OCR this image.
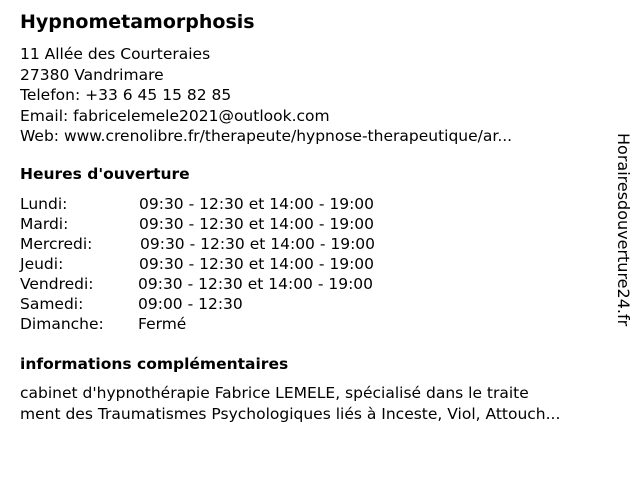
Hypnometamorphosis
11 Allée des Courteraies
27380 Vandrimare
Telefon: +33 6 45 15 82 85
Email: fabricelemele2021@outlook.com
Web: www.crenolibre.fr/therapeute/hypnose-therapeutique/ar...
Heures d'ouverture
Lundi:	09:30 - 12:30 et 14:00 - 19:00
Mardi:	09:30 - 12:30 et 14:00 - 19:00
Mercredi:	09:30 - 12:30 et 14:00 - 19:00
Jeudi:	09:30 - 12:30 et 14:00 - 19:00
Vendredi:	09:30 - 12:30 et 14:00 - 19:00
Samedi:	09:00 - 12:30
Dimanche: Fermé
informations complémentaires
cabinet d'hypnothérapie Fabrice LEMELE, spécialisé dans le traite
ment des Traumatismes Psychologiques liés à Inceste, Viol, Attouch...
Horairesdouverture24.fr
